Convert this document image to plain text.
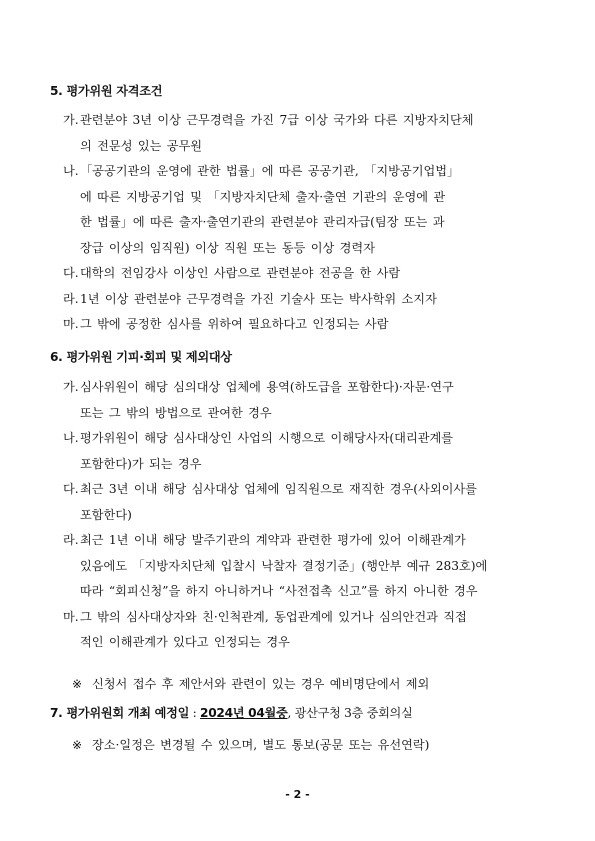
5. 평가위원 자격조건
가.관련분야 3년 이상 근무경력을 가진 7급 이상 국가와 다른 지방자치단체
의 전문성 있는 공무원
나.「공공기관의 운영에 관한 법률」에 따른 공공기관, 「지방공기업법」
에 따른 지방공기업 및 「지방자치단체 출자·출연 기관의 운영에 관
한 법률」에 따른 출자·출연기관의 관련분야 관리자급(팀장 또는 과
장급 이상의 임직원) 이상 직원 또는 동등 이상 경력자
다.대학의 전임강사 이상인 사람으로 관련분야 전공을 한 사람
라.1년 이상 관련분야 근무경력을 가진 기술사 또는 박사학위 소지자
마.그 밖에 공정한 심사를 위하여 필요하다고 인정되는 사람
6. 평가위원 기피·회피 및 제외대상
가.심사위원이 해당 심의대상 업체에 용역(하도급을 포함한다)·자문·연구
또는 그 밖의 방법으로 관여한 경우
나.평가위원이 해당 심사대상인 사업의 시행으로 이해당사자(대리관계를
포함한다)가 되는 경우
다.최근 3년 이내 해당 심사대상 업체에 임직원으로 재직한 경우(사외이사를
포함한다)
라.최근 1년 이내 해당 발주기관의 계약과 관련한 평가에 있어 이해관계가
있음에도 「지방자치단체 입찰시 낙찰자 결정기준」(행안부 예규 283호)에
따라 “회피신청”을 하지 아니하거나 “사전접촉 신고”를 하지 아니한 경우
마.그 밖의 심사대상자와 친·인척관계, 동업관계에 있거나 심의안건과 직접
적인 이해관계가 있다고 인정되는 경우
※ 신청서 접수 후 제안서와 관련이 있는 경우 예비명단에서 제외
7. 평가위원회 개최 예정일 : 2024년 04월중, 광산구청 3층 중회의실
※ 장소·일정은 변경될 수 있으며, 별도 통보(공문 또는 유선연락)
- 2 -
